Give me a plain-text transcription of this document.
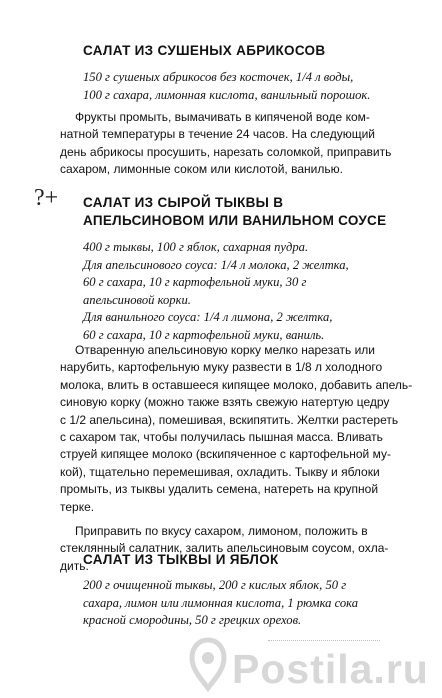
САЛАТ ИЗ СУШЕНЫХ АБРИКОСОВ
150 г сушеных абрикосов без косточек, 1/4 л воды,
100 г сахара, лимонная кислота, ванильный порошок.
Фрукты промыть, вымачивать в кипяченой воде ком-
натной температуры в течение 24 часов. На следующий
день абрикосы просушить, нарезать соломкой, приправить
сахаром, лимонные соком или кислотой, ванилью.
?+ САЛАТ ИЗ СЫРОЙ ТЫКВЫ В
АПЕЛЬСИНОВОМ ИЛИ ВАНИЛЬНОМ СОУСЕ
400 г тыквы, 100 г яблок, сахарная пудра.
Для апельсинового соуса: 1/4 л молока, 2 желтка,
60 г сахара, 10 г картофельной муки, 30 г
апельсиновой корки.
Для ванильного соуса: 1/4 л лимона, 2 желтка,
60 г сахара, 10 г картофельной муки, ваниль.
Отваренную апельсиновую корку мелко нарезать или
нарубить, картофельную муку развести в 1/8 л холодного
молока, влить в оставшееся кипящее молоко, добавить апель-
синовую корку (можно также взять свежую натертую цедру
с 1/2 апельсина), помешивая, вскипятить. Желтки растереть
с сахаром так, чтобы получилась пышная масса. Вливать
струей кипящее молоко (вскипяченное с картофельной му-
кой), тщательно перемешивая, охладить. Тыкву и яблоки
промыть, из тыквы удалить семена, натереть на крупной
терке.
Приправить по вкусу сахаром, лимоном, положить в
стеклянный салатник, залить апельсиновым соусом, охла-
дить.
САЛАТ ИЗ ТЫКВЫ И ЯБЛОК
200 г очищенной тыквы, 200 г кислых яблок, 50 г
сахара, лимон или лимонная кислота, 1 рюмка сока
красной смородины, 50 г грецких орехов.
Postila.ru
